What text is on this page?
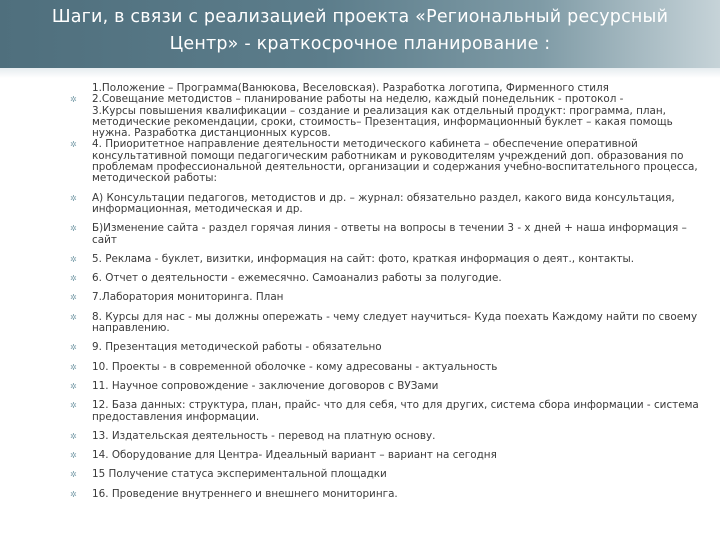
Шаги, в связи с реализацией проекта «Региональный ресурсный
Центр» - краткосрочное планирование :
1.Положение – Программа(Ванюкова, Веселовская). Разработка логотипа, Фирменного стиля
✲	2.Совещание методистов – планирование работы на неделю, каждый понедельник - протокол -
3.Курсы повышения квалификации – создание и реализация как отдельный продукт: программа, план, методические рекомендации, сроки, стоимость– Презентация, информационный буклет – какая помощь нужна. Разработка дистанционных курсов.
✲	4. Приоритетное направление деятельности методического кабинета – обеспечение оперативной консультативной помощи педагогическим работникам и руководителям учреждений доп. образования по проблемам профессиональной деятельности, организации и содержания учебно-воспитательного процесса, методической работы:
✲	А) Консультации педагогов, методистов и др. – журнал: обязательно раздел, какого вида консультация, информационная, методическая и др.
✲	Б)Изменение сайта - раздел горячая линия - ответы на вопросы в течении 3 - х дней + наша информация – сайт
✲	5. Реклама - буклет, визитки, информация на сайт: фото, краткая информация о деят., контакты.
✲	6. Отчет о деятельности - ежемесячно. Самоанализ работы за полугодие.
✲	7.Лаборатория мониторинга. План
✲	8. Курсы для нас - мы должны опережать - чему следует научиться- Куда поехать Каждому найти по своему направлению.
✲	9. Презентация методической работы - обязательно
✲	10. Проекты - в современной оболочке - кому адресованы - актуальность
✲	11. Научное сопровождение - заключение договоров с ВУЗами
✲	12. База данных: структура, план, прайс- что для себя, что для других, система сбора информации - система предоставления информации.
✲	13. Издательская деятельность - перевод на платную основу.
✲	14. Оборудование для Центра- Идеальный вариант – вариант на сегодня
✲	15 Получение статуса экспериментальной площадки
✲	16. Проведение внутреннего и внешнего мониторинга.
